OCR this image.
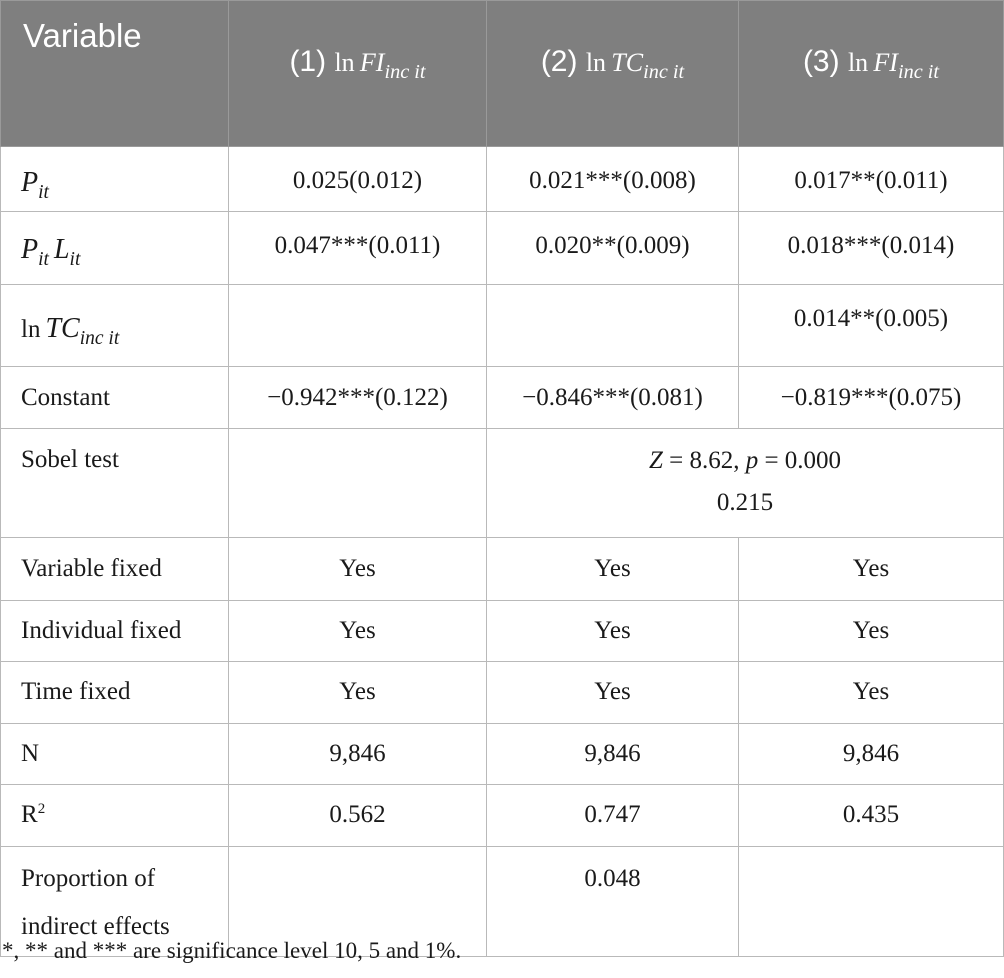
Variable	(1) $\ln FI_{inc it}$	(2) $\ln TC_{inc it}$	(3) $\ln FI_{inc it}$
$P_{it}$	0.025(0.012)	0.021***(0.008)	0.017**(0.011)
$P_{it}$  $L_{it}$	0.047***(0.011)	0.020**(0.009)	0.018***(0.014)
$\ln TC_{inc it}$			0.014**(0.005)
Constant	−0.942***(0.122)	−0.846***(0.081)	−0.819***(0.075)
Sobel test		Z = 8.62, p = 0.000
0.215	

Variable fixed	Yes	Yes	Yes
Individual fixed	Yes	Yes	Yes
Time fixed	Yes	Yes	Yes
N	9,846	9,846	9,846
$R^2$	0.562	0.747	0.435
Proportion of
indirect effects		0.048	
*, ** and *** are significance level 10, 5 and 1%.
